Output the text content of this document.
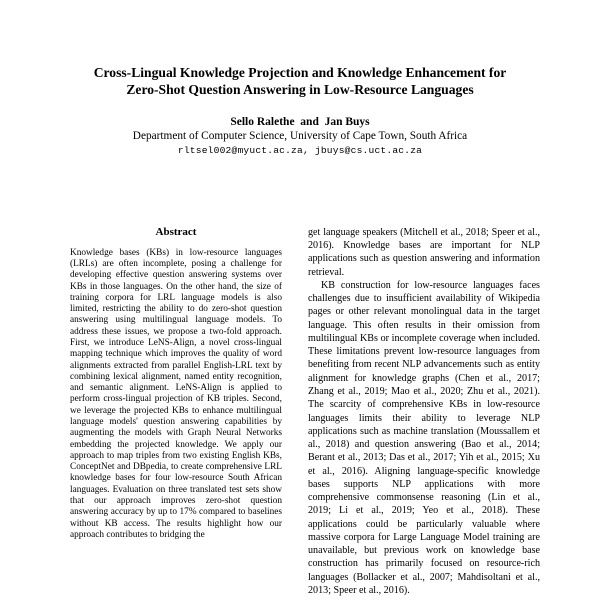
Cross-Lingual Knowledge Projection and Knowledge Enhancement for
Zero-Shot Question Answering in Low-Resource Languages
Sello Ralethe  and  Jan Buys
Department of Computer Science, University of Cape Town, South Africa
rltsel002@myuct.ac.za, jbuys@cs.uct.ac.za
Abstract

Knowledge bases (KBs) in low-resource languages (LRLs) are often incomplete, posing a challenge for developing effective question answering systems over KBs in those languages. On the other hand, the size of training corpora for LRL language models is also limited, restricting the ability to do zero-shot question answering using multilingual language models. To address these issues, we propose a two-fold approach. First, we introduce LeNS-Align, a novel cross-lingual mapping technique which improves the quality of word alignments extracted from parallel English-LRL text by combining lexical alignment, named entity recognition, and semantic alignment. LeNS-Align is applied to perform cross-lingual projection of KB triples. Second, we leverage the projected KBs to enhance multilingual language models' question answering capabilities by augmenting the models with Graph Neural Networks embedding the projected knowledge. We apply our approach to map triples from two existing English KBs, ConceptNet and DBpedia, to create comprehensive LRL knowledge bases for four low-resource South African languages. Evaluation on three translated test sets show that our approach improves zero-shot question answering accuracy by up to 17% compared to baselines without KB access. The results highlight how our approach contributes to bridging the

get language speakers (Mitchell et al., 2018; Speer et al., 2016). Knowledge bases are important for NLP applications such as question answering and information retrieval.

KB construction for low-resource languages faces challenges due to insufficient availability of Wikipedia pages or other relevant monolingual data in the target language. This often results in their omission from multilingual KBs or incomplete coverage when included. These limitations prevent low-resource languages from benefiting from recent NLP advancements such as entity alignment for knowledge graphs (Chen et al., 2017; Zhang et al., 2019; Mao et al., 2020; Zhu et al., 2021). The scarcity of comprehensive KBs in low-resource languages limits their ability to leverage NLP applications such as machine translation (Moussallem et al., 2018) and question answering (Bao et al., 2014; Berant et al., 2013; Das et al., 2017; Yih et al., 2015; Xu et al., 2016). Aligning language-specific knowledge bases supports NLP applications with more comprehensive commonsense reasoning (Lin et al., 2019; Li et al., 2019; Yeo et al., 2018). These applications could be particularly valuable where massive corpora for Large Language Model training are unavailable, but previous work on knowledge base construction has primarily focused on resource-rich languages (Bollacker et al., 2007; Mahdisoltani et al., 2013; Speer et al., 2016).
